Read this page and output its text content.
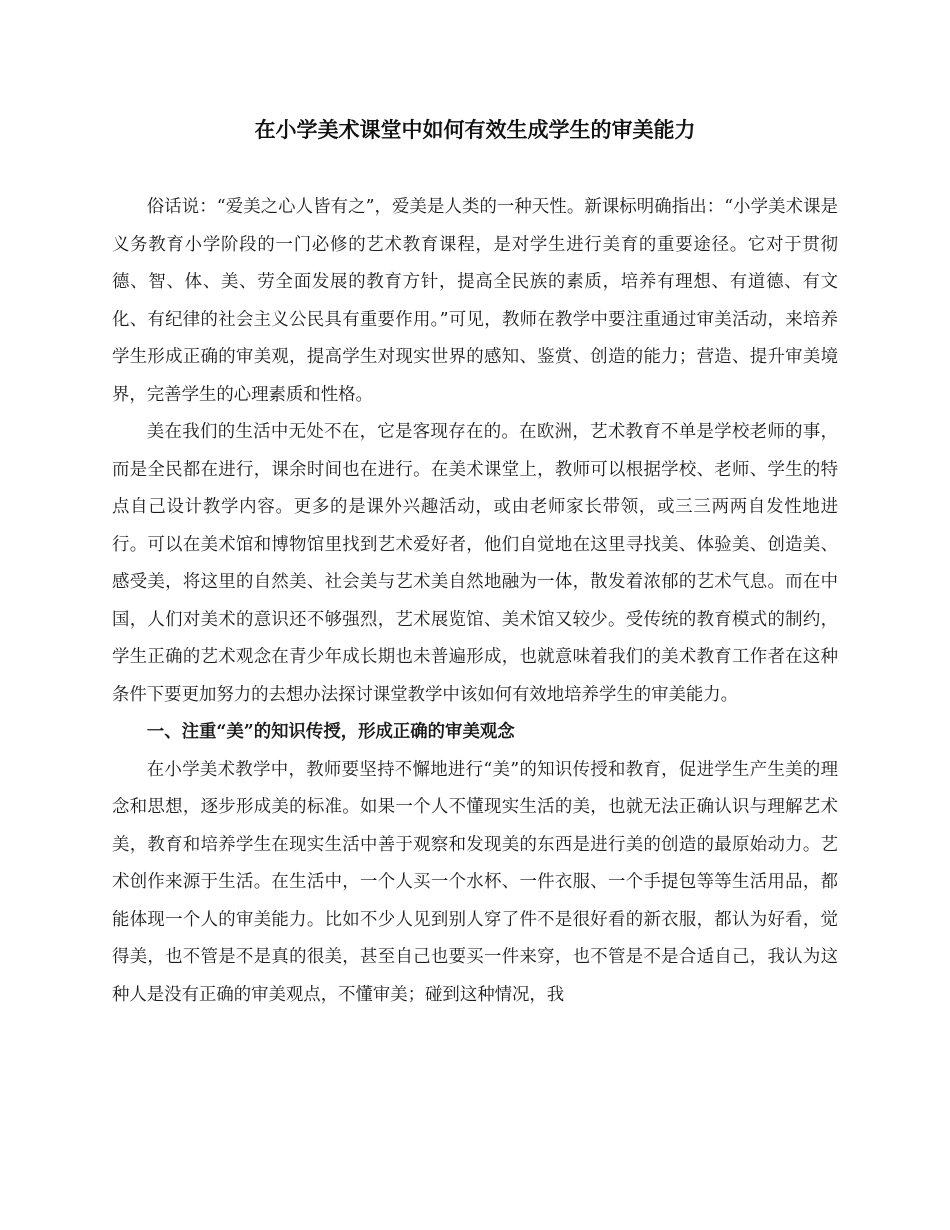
在小学美术课堂中如何有效生成学生的审美能力

俗话说：“爱美之心人皆有之”，爱美是人类的一种天性。新课标明确指出：“小学美术课是义务教育小学阶段的一门必修的艺术教育课程，是对学生进行美育的重要途径。它对于贯彻德、智、体、美、劳全面发展的教育方针，提高全民族的素质，培养有理想、有道德、有文化、有纪律的社会主义公民具有重要作用。”可见，教师在教学中要注重通过审美活动，来培养学生形成正确的审美观，提高学生对现实世界的感知、鉴赏、创造的能力；营造、提升审美境界，完善学生的心理素质和性格。

美在我们的生活中无处不在，它是客现存在的。在欧洲，艺术教育不单是学校老师的事，而是全民都在进行，课余时间也在进行。在美术课堂上，教师可以根据学校、老师、学生的特点自己设计教学内容。更多的是课外兴趣活动，或由老师家长带领，或三三两两自发性地进行。可以在美术馆和博物馆里找到艺术爱好者，他们自觉地在这里寻找美、体验美、创造美、感受美，将这里的自然美、社会美与艺术美自然地融为一体，散发着浓郁的艺术气息。而在中国，人们对美术的意识还不够强烈，艺术展览馆、美术馆又较少。受传统的教育模式的制约，学生正确的艺术观念在青少年成长期也未普遍形成，也就意味着我们的美术教育工作者在这种条件下要更加努力的去想办法探讨课堂教学中该如何有效地培养学生的审美能力。

一、注重“美”的知识传授，形成正确的审美观念

在小学美术教学中，教师要坚持不懈地进行“美”的知识传授和教育，促进学生产生美的理念和思想，逐步形成美的标准。如果一个人不懂现实生活的美，也就无法正确认识与理解艺术美，教育和培养学生在现实生活中善于观察和发现美的东西是进行美的创造的最原始动力。艺术创作来源于生活。在生活中，一个人买一个水杯、一件衣服、一个手提包等等生活用品，都能体现一个人的审美能力。比如不少人见到别人穿了件不是很好看的新衣服，都认为好看，觉得美，也不管是不是真的很美，甚至自己也要买一件来穿，也不管是不是合适自己，我认为这种人是没有正确的审美观点，不懂审美；碰到这种情况，我
